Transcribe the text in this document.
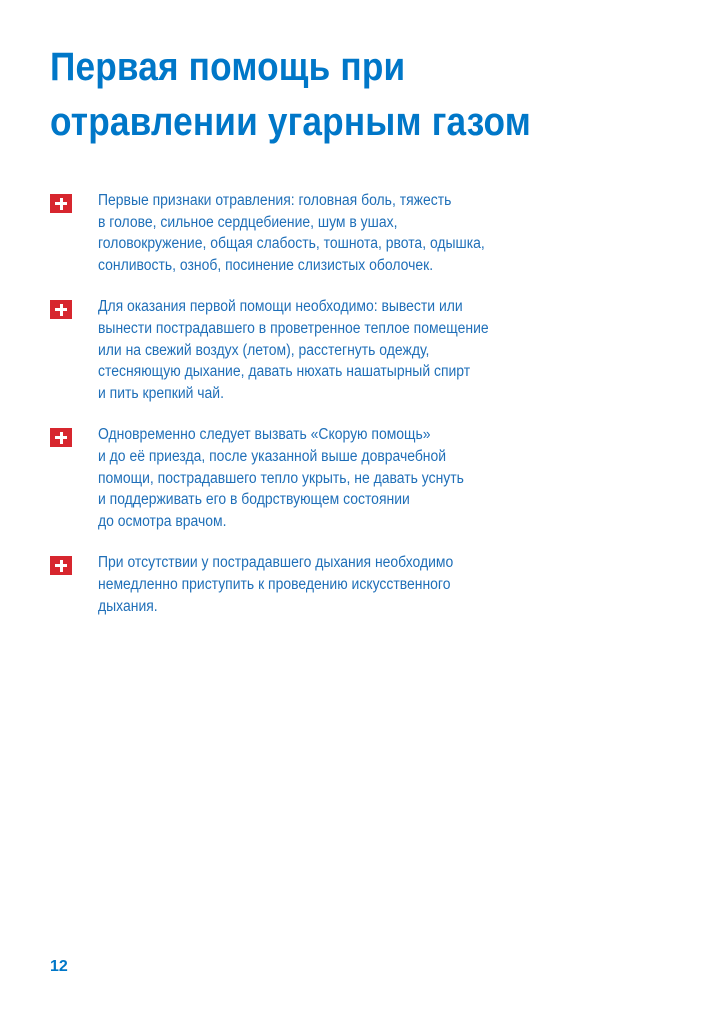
Первая помощь при
отравлении угарным газом
Первые признаки отравления: головная боль, тяжесть
в голове, сильное сердцебиение, шум в ушах,
головокружение, общая слабость, тошнота, рвота, одышка,
сонливость, озноб, посинение слизистых оболочек.
Для оказания первой помощи необходимо: вывести или
вынести пострадавшего в проветренное теплое помещение
или на свежий воздух (летом), расстегнуть одежду,
стесняющую дыхание, давать нюхать нашатырный спирт
и пить крепкий чай.
Одновременно следует вызвать «Скорую помощь»
и до её приезда, после указанной выше доврачебной
помощи, пострадавшего тепло укрыть, не давать уснуть
и поддерживать его в бодрствующем состоянии
до осмотра врачом.
При отсутствии у пострадавшего дыхания необходимо
немедленно приступить к проведению искусственного
дыхания.
12
